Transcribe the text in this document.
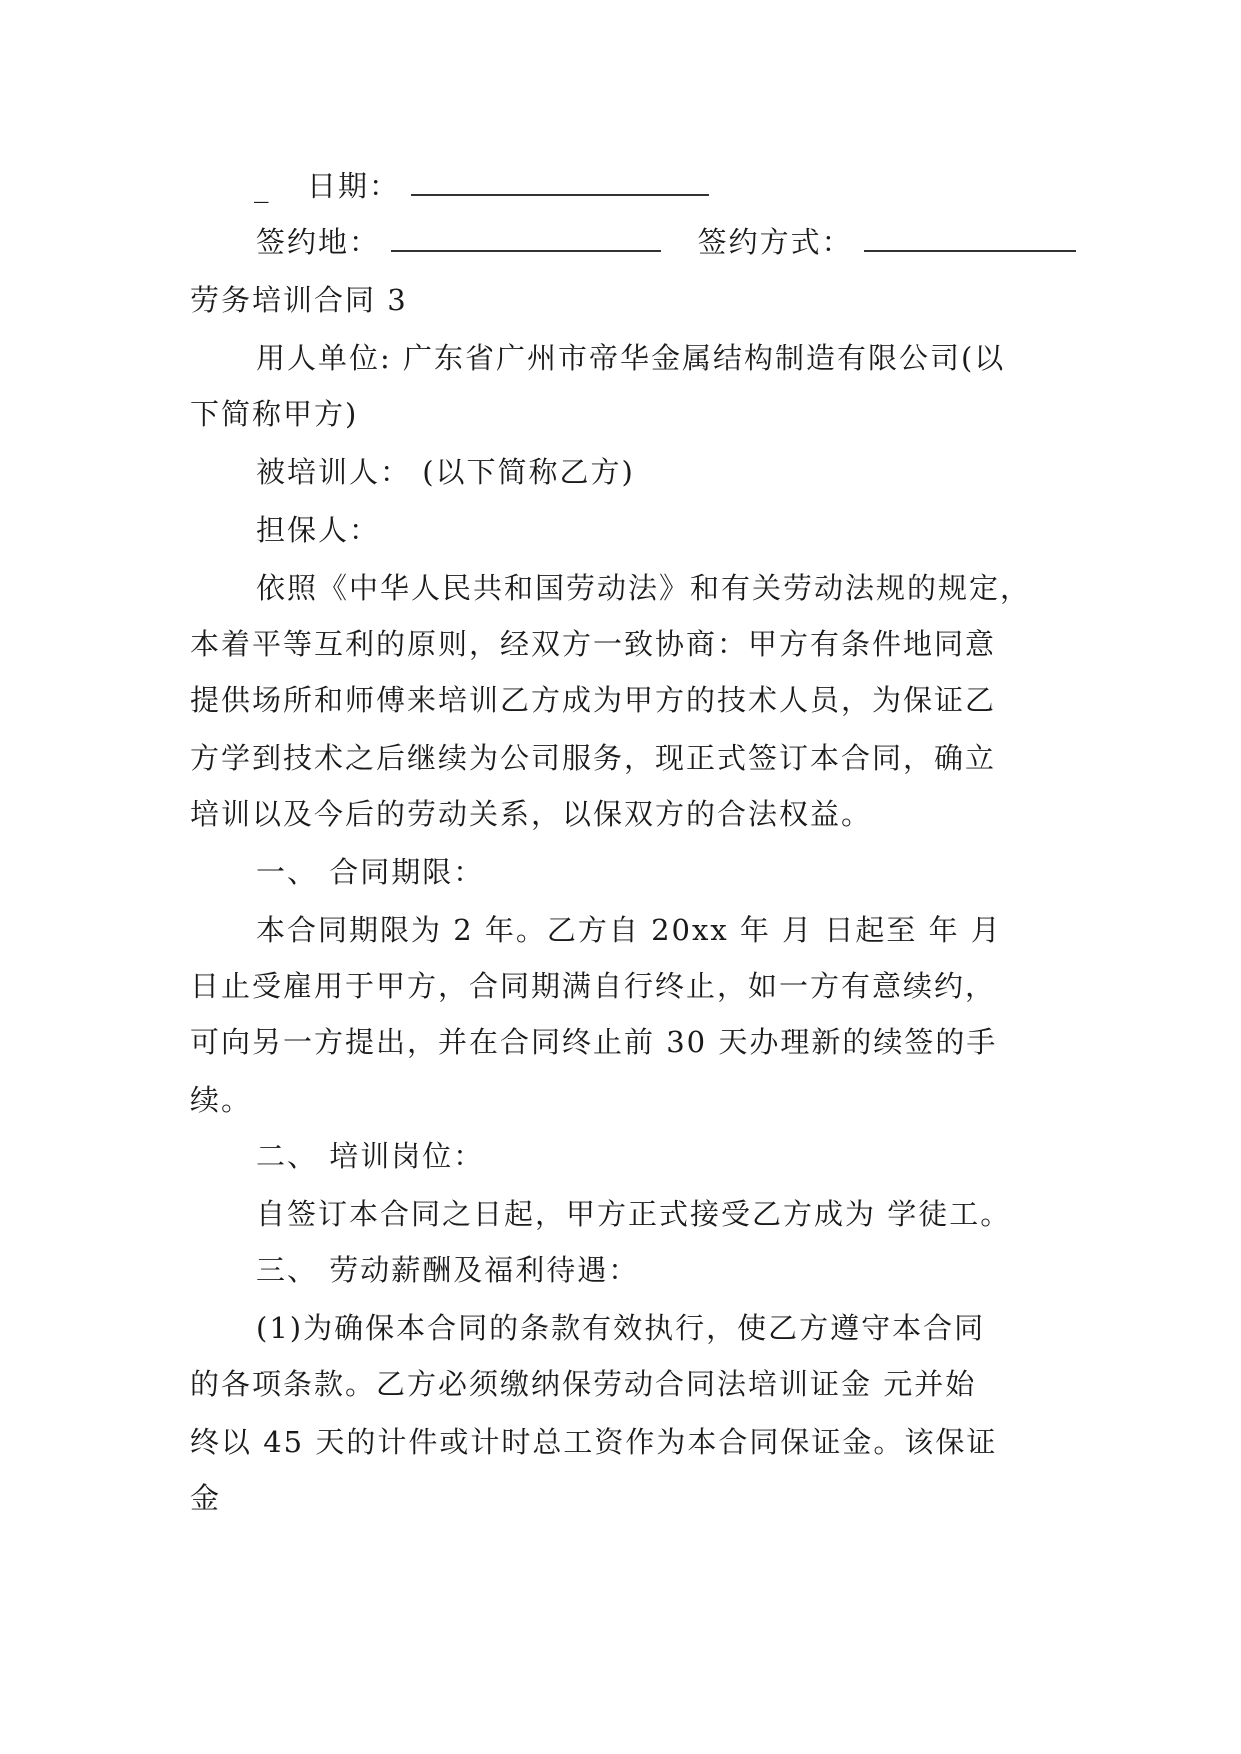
_ 日期：
签约地：	签约方式：
劳务培训合同 3
用人单位: 广东省广州市帝华金属结构制造有限公司(以
下简称甲方)
被培训人： (以下简称乙方)
担保人：
依照《中华人民共和国劳动法》和有关劳动法规的规定，
本着平等互利的原则，经双方一致协商：甲方有条件地同意
提供场所和师傅来培训乙方成为甲方的技术人员，为保证乙
方学到技术之后继续为公司服务，现正式签订本合同，确立
培训以及今后的劳动关系，以保双方的合法权益。
一、 合同期限：
本合同期限为 2 年。乙方自 20xx 年 月 日起至 年 月
日止受雇用于甲方，合同期满自行终止，如一方有意续约，
可向另一方提出，并在合同终止前 30 天办理新的续签的手
续。
二、 培训岗位：
自签订本合同之日起，甲方正式接受乙方成为 学徒工。
三、 劳动薪酬及福利待遇：
(1)为确保本合同的条款有效执行，使乙方遵守本合同
的各项条款。乙方必须缴纳保劳动合同法培训证金 元并始
终以 45 天的计件或计时总工资作为本合同保证金。该保证
金
